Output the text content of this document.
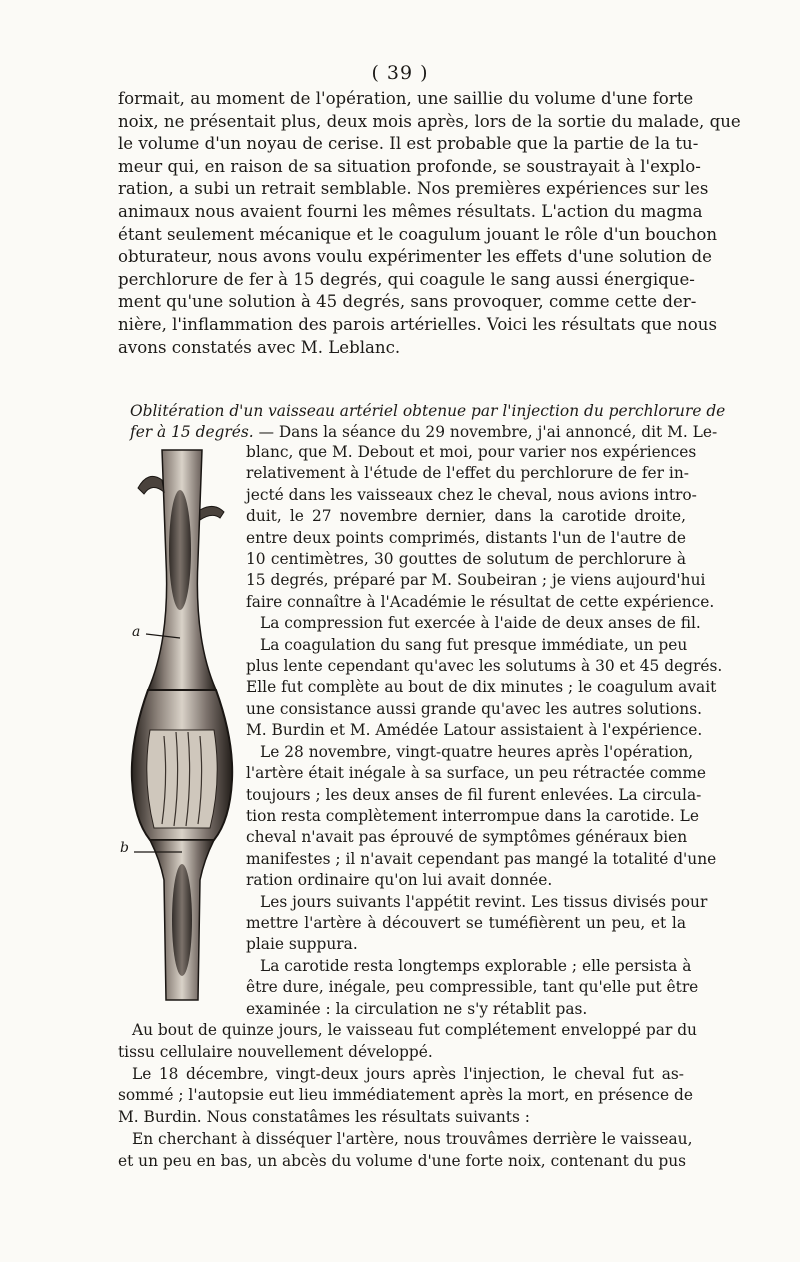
( 39 )
formait, au moment de l'opération, une saillie du volume d'une forte
noix, ne présentait plus, deux mois après, lors de la sortie du malade, que
le volume d'un noyau de cerise. Il est probable que la partie de la tu-
meur qui, en raison de sa situation profonde, se soustrayait à l'explo-
ration, a subi un retrait semblable. Nos premières expériences sur les
animaux nous avaient fourni les mêmes résultats. L'action du magma
étant seulement mécanique et le coagulum jouant le rôle d'un bouchon
obturateur, nous avons voulu expérimenter les effets d'une solution de
perchlorure de fer à 15 degrés, qui coagule le sang aussi énergique-
ment qu'une solution à 45 degrés, sans provoquer, comme cette der-
nière, l'inflammation des parois artérielles. Voici les résultats que nous
avons constatés avec M. Leblanc.
Oblitération d'un vaisseau artériel obtenue par l'injection du perchlorure de
fer à 15 degrés. — Dans la séance du 29 novembre, j'ai annoncé, dit M. Le-
a
b
blanc, que M. Debout et moi, pour varier nos expériences
relativement à l'étude de l'effet du perchlorure de fer in-
jecté dans les vaisseaux chez le cheval, nous avions intro-
duit, le 27 novembre dernier, dans la carotide droite,
entre deux points comprimés, distants l'un de l'autre de
10 centimètres, 30 gouttes de solutum de perchlorure à
15 degrés, préparé par M. Soubeiran ; je viens aujourd'hui
faire connaître à l'Académie le résultat de cette expérience.
La compression fut exercée à l'aide de deux anses de fil.
La coagulation du sang fut presque immédiate, un peu
plus lente cependant qu'avec les solutums à 30 et 45 degrés.
Elle fut complète au bout de dix minutes ; le coagulum avait
une consistance aussi grande qu'avec les autres solutions.
M. Burdin et M. Amédée Latour assistaient à l'expérience.
Le 28 novembre, vingt-quatre heures après l'opération,
l'artère était inégale à sa surface, un peu rétractée comme
toujours ; les deux anses de fil furent enlevées. La circula-
tion resta complètement interrompue dans la carotide. Le
cheval n'avait pas éprouvé de symptômes généraux bien
manifestes ; il n'avait cependant pas mangé la totalité d'une
ration ordinaire qu'on lui avait donnée.
Les jours suivants l'appétit revint. Les tissus divisés pour
mettre l'artère à découvert se tuméfièrent un peu, et la
plaie suppura.
La carotide resta longtemps explorable ; elle persista à
être dure, inégale, peu compressible, tant qu'elle put être
examinée : la circulation ne s'y rétablit pas.
Au bout de quinze jours, le vaisseau fut complétement enveloppé par du
tissu cellulaire nouvellement développé.
Le 18 décembre, vingt-deux jours après l'injection, le cheval fut as-
sommé ; l'autopsie eut lieu immédiatement après la mort, en présence de
M. Burdin. Nous constatâmes les résultats suivants :
En cherchant à disséquer l'artère, nous trouvâmes derrière le vaisseau,
et un peu en bas, un abcès du volume d'une forte noix, contenant du pus
